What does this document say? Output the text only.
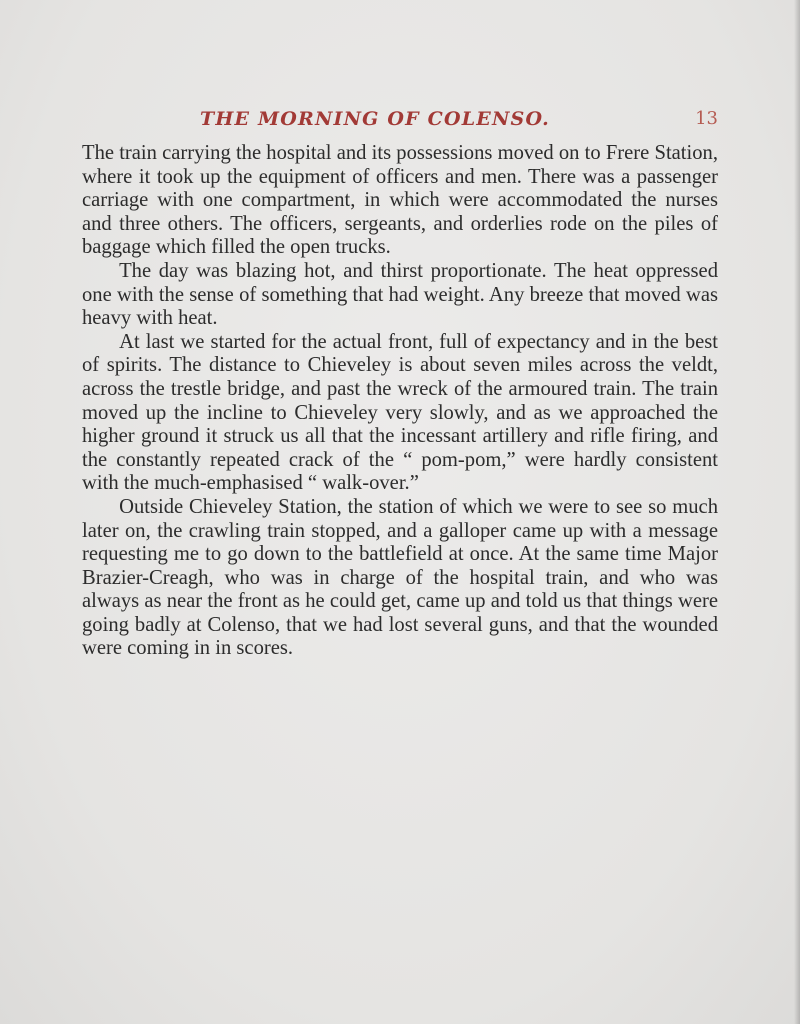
THE MORNING OF COLENSO.	13

The train carrying the hospital and its possessions moved on to Frere Station, where it took up the equipment of officers and men. There was a passenger carriage with one compartment, in which were accommodated the nurses and three others. The officers, sergeants, and orderlies rode on the piles of baggage which filled the open trucks.

The day was blazing hot, and thirst proportionate. The heat oppressed one with the sense of something that had weight. Any breeze that moved was heavy with heat.

At last we started for the actual front, full of expectancy and in the best of spirits. The distance to Chieveley is about seven miles across the veldt, across the trestle bridge, and past the wreck of the armoured train. The train moved up the incline to Chieveley very slowly, and as we approached the higher ground it struck us all that the incessant artillery and rifle firing, and the constantly repeated crack of the “ pom-pom,” were hardly consistent with the much-emphasised “ walk-over.”

Outside Chieveley Station, the station of which we were to see so much later on, the crawling train stopped, and a galloper came up with a message requesting me to go down to the battlefield at once. At the same time Major Brazier-Creagh, who was in charge of the hospital train, and who was always as near the front as he could get, came up and told us that things were going badly at Colenso, that we had lost several guns, and that the wounded were coming in in scores.
